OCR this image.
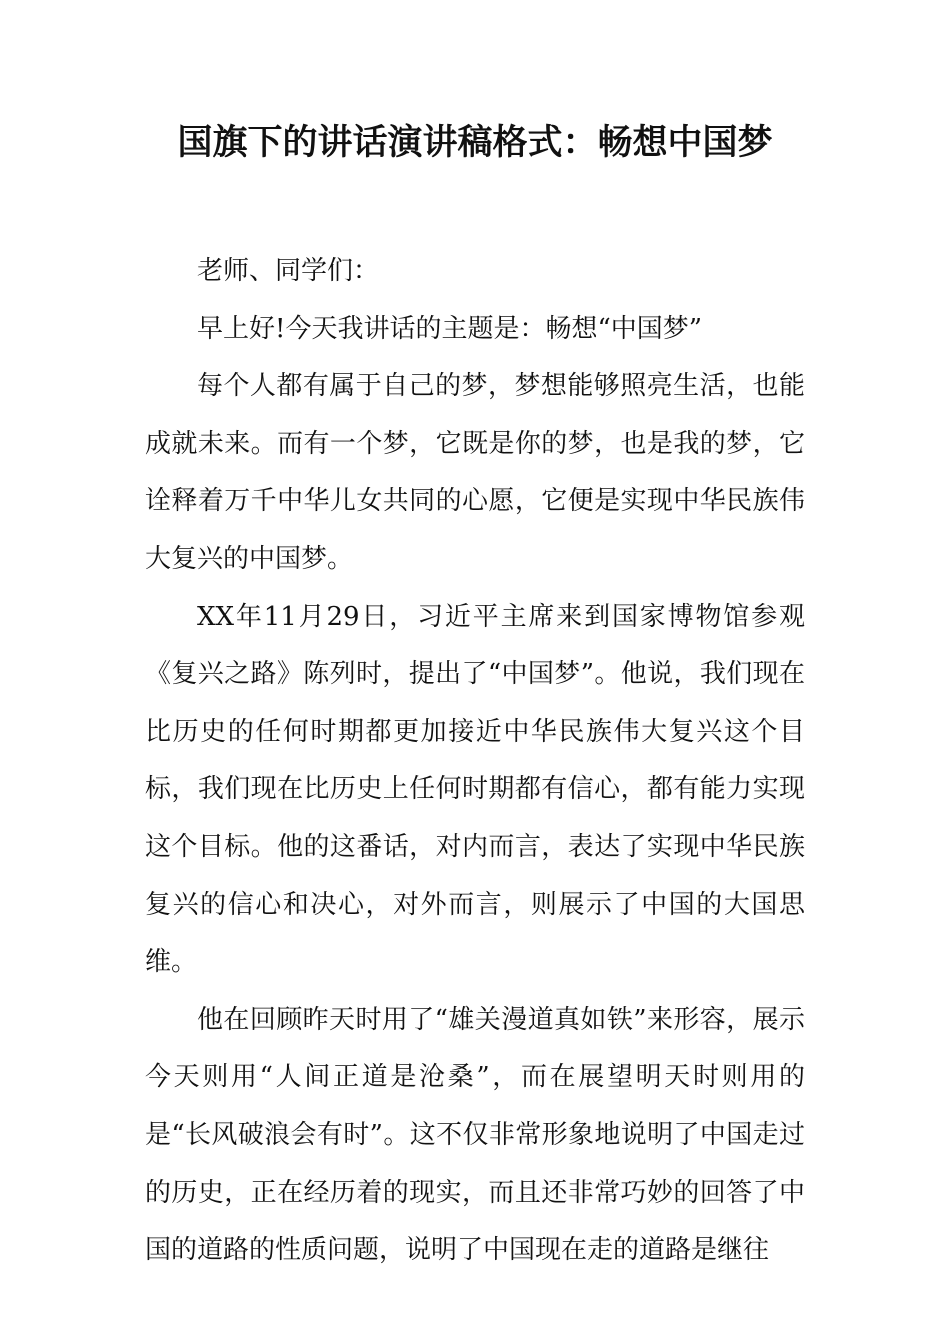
国旗下的讲话演讲稿格式：畅想中国梦

老师、同学们：

早上好!今天我讲话的主题是：畅想“中国梦”

每个人都有属于自己的梦，梦想能够照亮生活，也能成就未来。而有一个梦，它既是你的梦，也是我的梦，它诠释着万千中华儿女共同的心愿，它便是实现中华民族伟大复兴的中国梦。

XX年11月29日，习近平主席来到国家博物馆参观《复兴之路》陈列时，提出了“中国梦”。他说，我们现在比历史的任何时期都更加接近中华民族伟大复兴这个目标，我们现在比历史上任何时期都有信心，都有能力实现这个目标。他的这番话，对内而言，表达了实现中华民族复兴的信心和决心，对外而言，则展示了中国的大国思维。

他在回顾昨天时用了“雄关漫道真如铁”来形容，展示今天则用“人间正道是沧桑”，而在展望明天时则用的是“长风破浪会有时”。这不仅非常形象地说明了中国走过的历史，正在经历着的现实，而且还非常巧妙的回答了中国的道路的性质问题，说明了中国现在走的道路是继往
